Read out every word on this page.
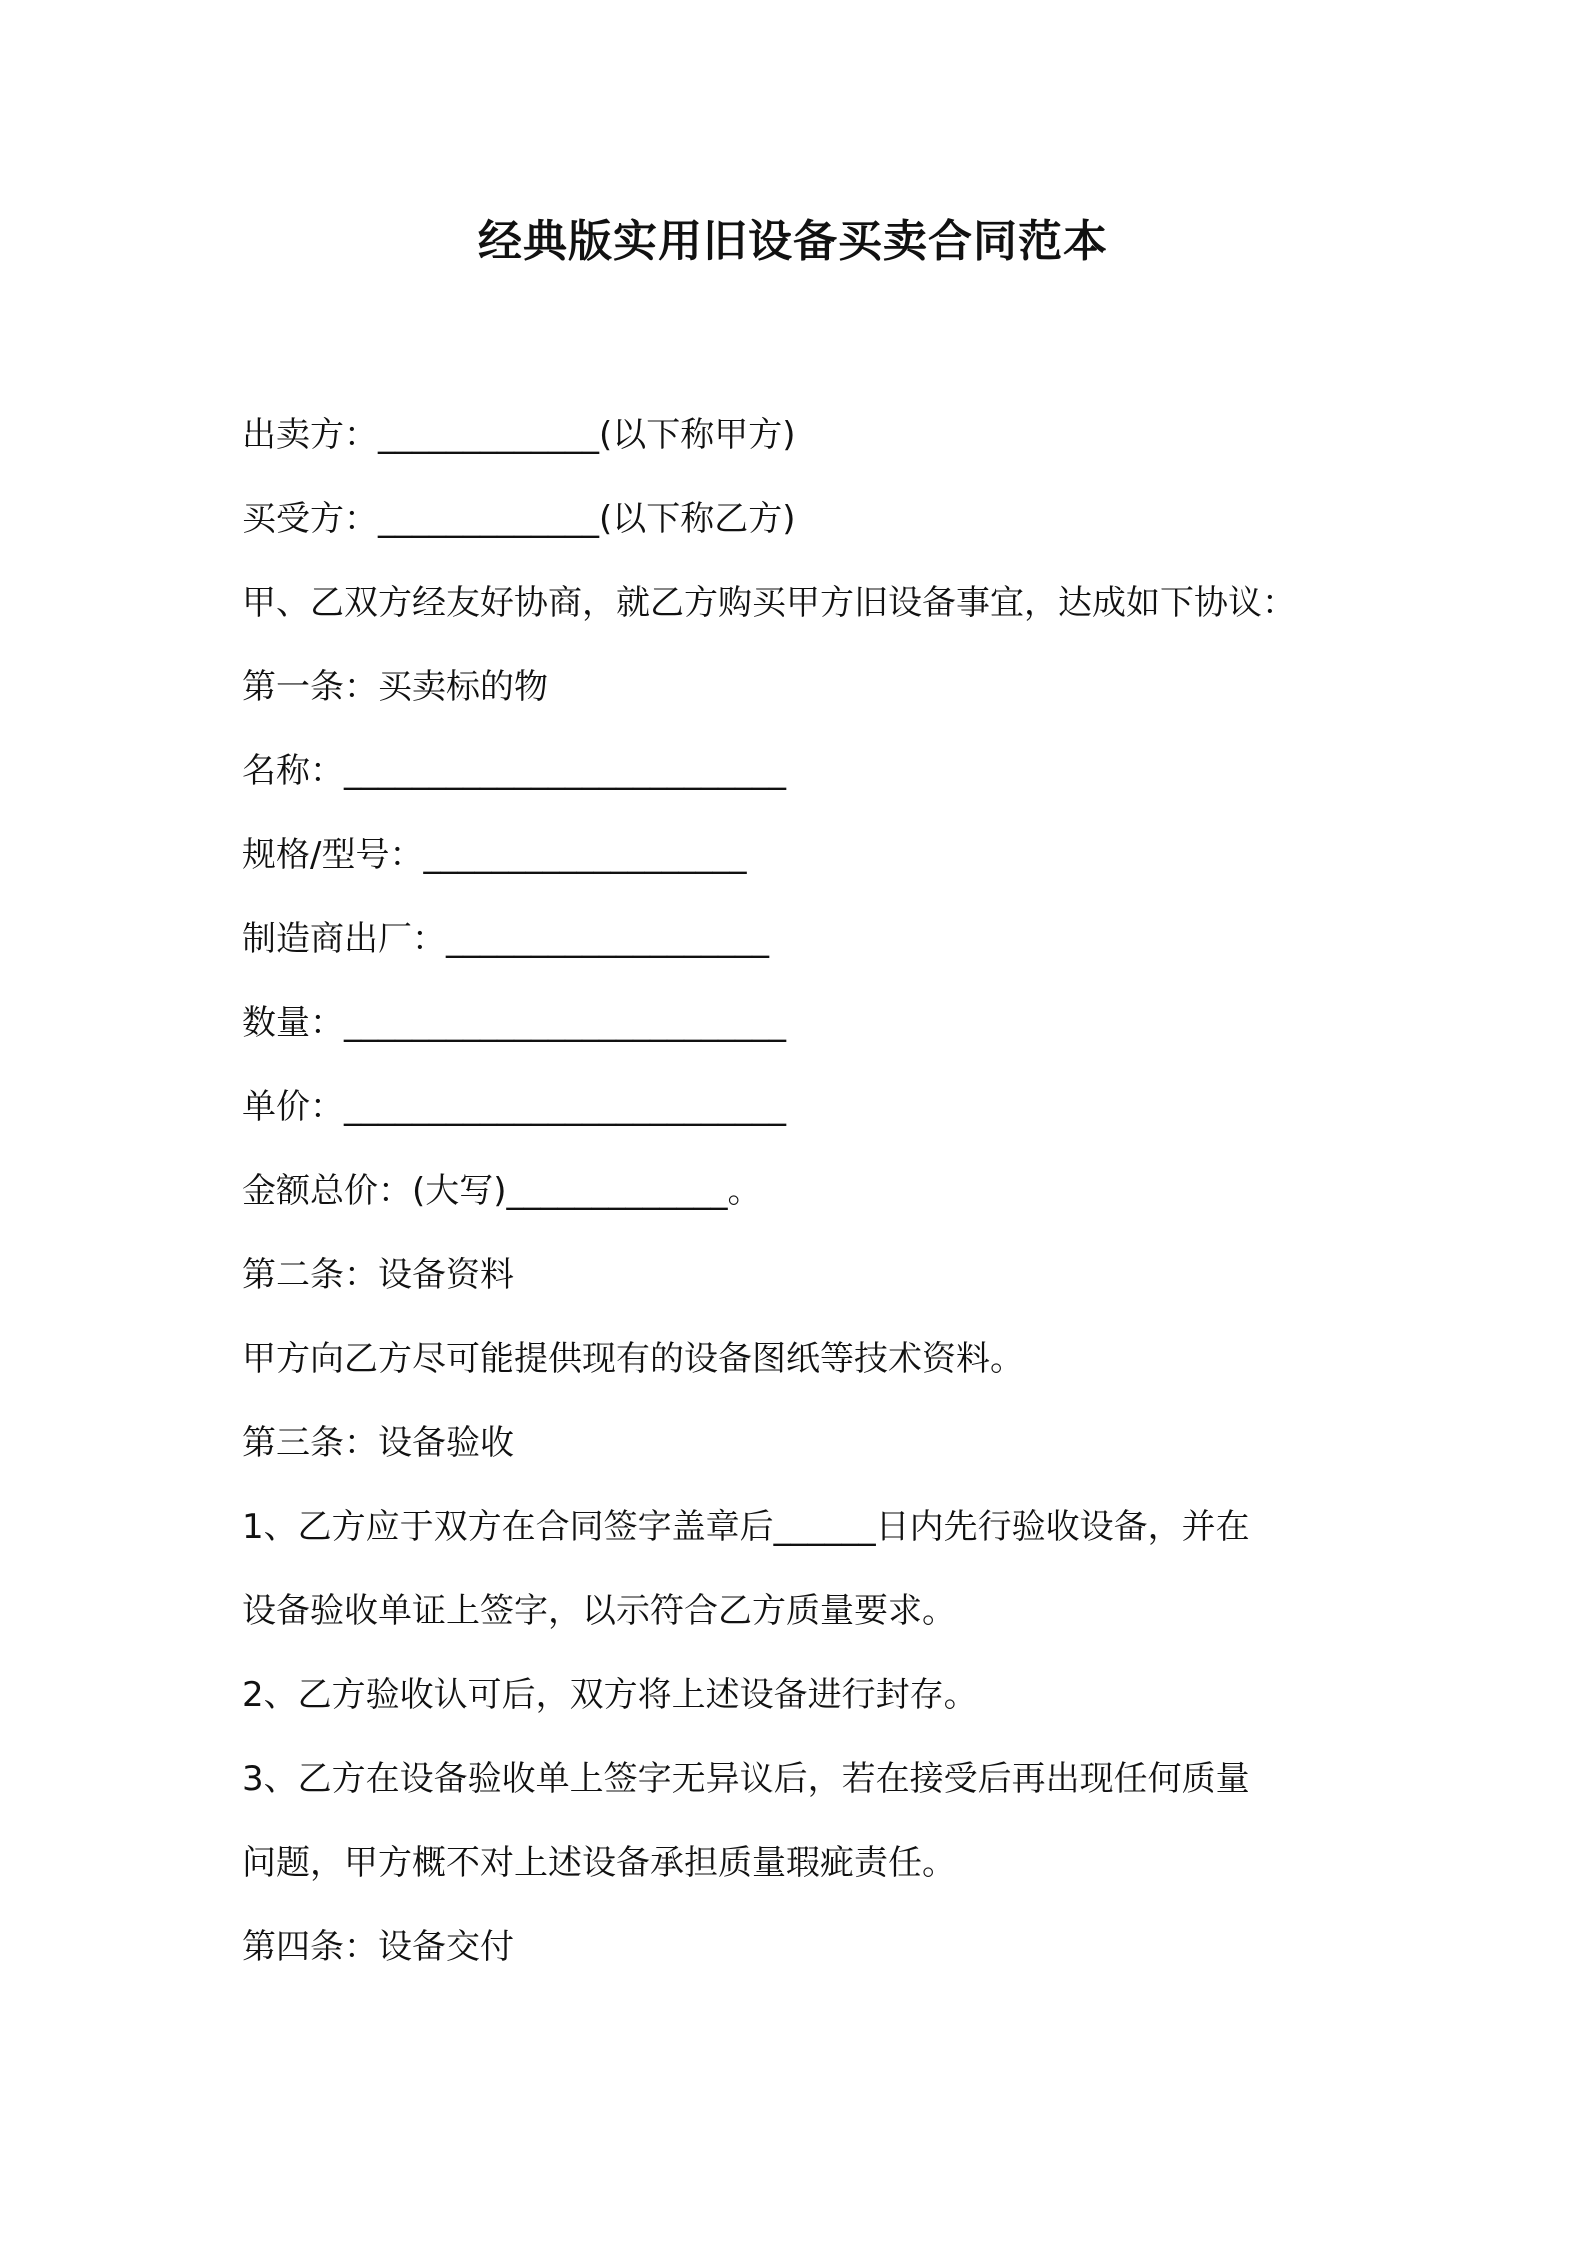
经典版实用旧设备买卖合同范本
出卖方：_____________(以下称甲方)
买受方：_____________(以下称乙方)
甲、乙双方经友好协商，就乙方购买甲方旧设备事宜，达成如下协议：
第一条：买卖标的物
名称：__________________________
规格/型号：___________________
制造商出厂：___________________
数量：__________________________
单价：__________________________
金额总价：(大写)_____________。
第二条：设备资料
甲方向乙方尽可能提供现有的设备图纸等技术资料。
第三条：设备验收
1、乙方应于双方在合同签字盖章后______日内先行验收设备，并在
设备验收单证上签字，以示符合乙方质量要求。
2、乙方验收认可后，双方将上述设备进行封存。
3、乙方在设备验收单上签字无异议后，若在接受后再出现任何质量
问题，甲方概不对上述设备承担质量瑕疵责任。
第四条：设备交付
